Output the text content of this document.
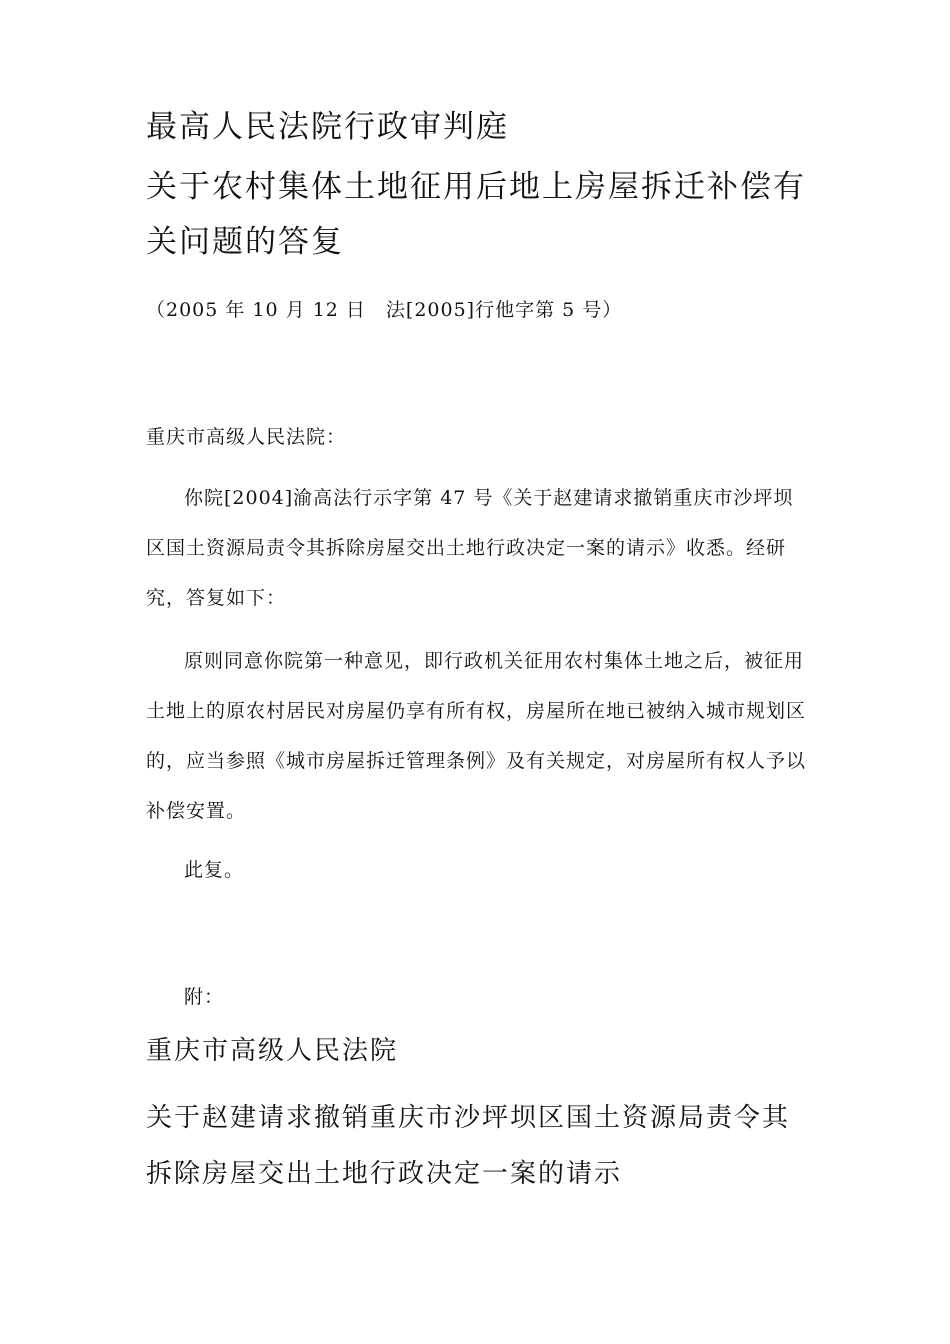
最高人民法院行政审判庭
关于农村集体土地征用后地上房屋拆迁补偿有关问题的答复
（2005 年 10 月 12 日　法[2005]行他字第 5 号）
重庆市高级人民法院：
你院[2004]渝高法行示字第 47 号《关于赵建请求撤销重庆市沙坪坝区国土资源局责令其拆除房屋交出土地行政决定一案的请示》收悉。经研究，答复如下：
原则同意你院第一种意见，即行政机关征用农村集体土地之后，被征用土地上的原农村居民对房屋仍享有所有权，房屋所在地已被纳入城市规划区的，应当参照《城市房屋拆迁管理条例》及有关规定，对房屋所有权人予以补偿安置。
此复。
附：
重庆市高级人民法院
关于赵建请求撤销重庆市沙坪坝区国土资源局责令其拆除房屋交出土地行政决定一案的请示
